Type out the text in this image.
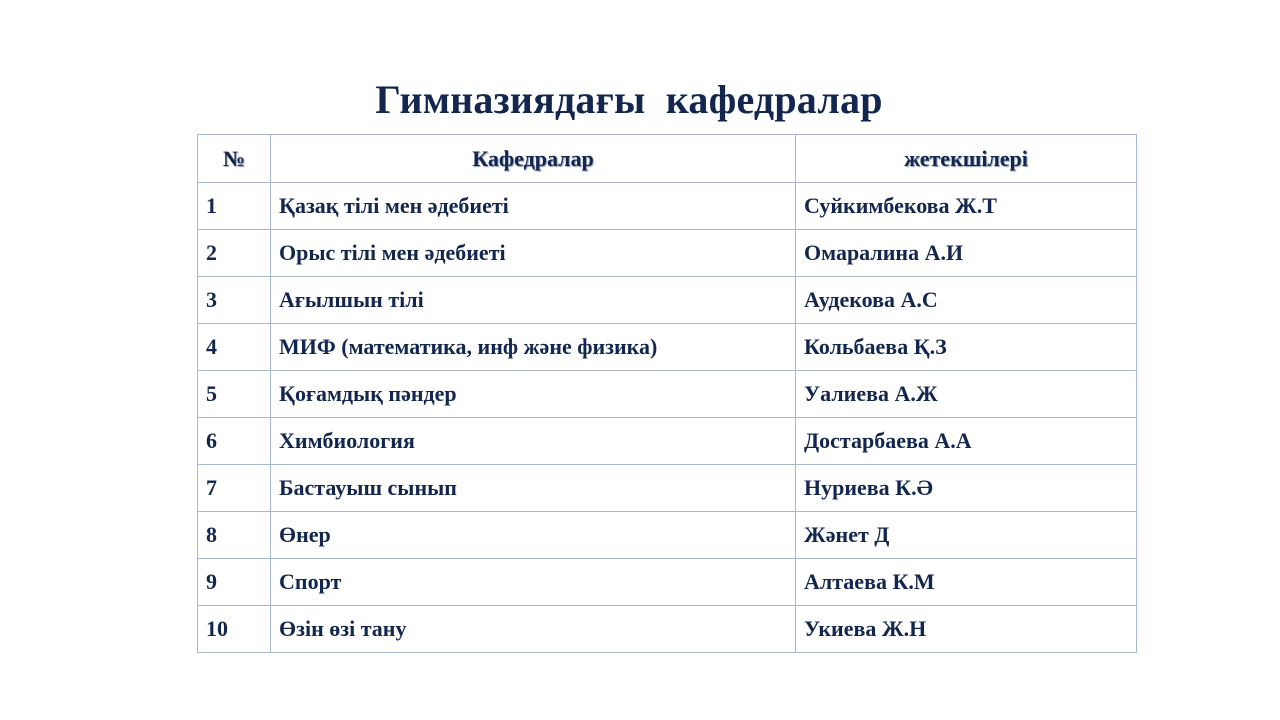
Гимназиядағы  кафедралар
№	Кафедралар	жетекшілері
1	Қазақ тілі мен әдебиеті	Суйкимбекова Ж.Т
2	Орыс тілі мен әдебиеті	Омаралина А.И
3	Ағылшын тілі	Аудекова А.С
4	МИФ (математика, инф және физика)	Кольбаева Қ.З
5	Қоғамдық пәндер	Уалиева А.Ж
6	Химбиология	Достарбаева А.А
7	Бастауыш сынып	Нуриева К.Ә
8	Өнер	Жәнет Д
9	Спорт	Алтаева К.М
10	Өзін өзі тану	Укиева Ж.Н
